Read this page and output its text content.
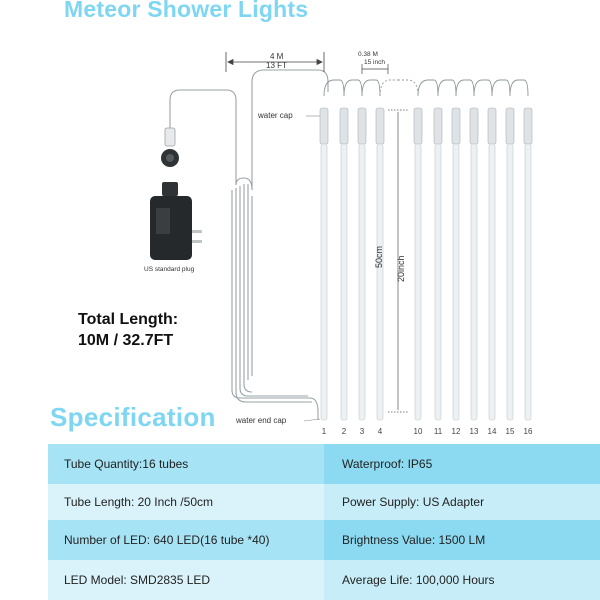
Meteor Shower Lights
4 M
13 FT
0.38 M
15 inch
water cap
water end cap
US standard plug
50cm 20inch
1	2	3	4	10	11	12	13	14	15	16
Total Length:
10M / 32.7FT
Specification
Tube Quantity:16 tubes	Waterproof: IP65
Tube Length: 20 Inch /50cm	Power Supply: US Adapter
Number of LED: 640 LED(16 tube *40)	Brightness Value: 1500 LM
LED Model: SMD2835 LED	Average Life: 100,000 Hours
